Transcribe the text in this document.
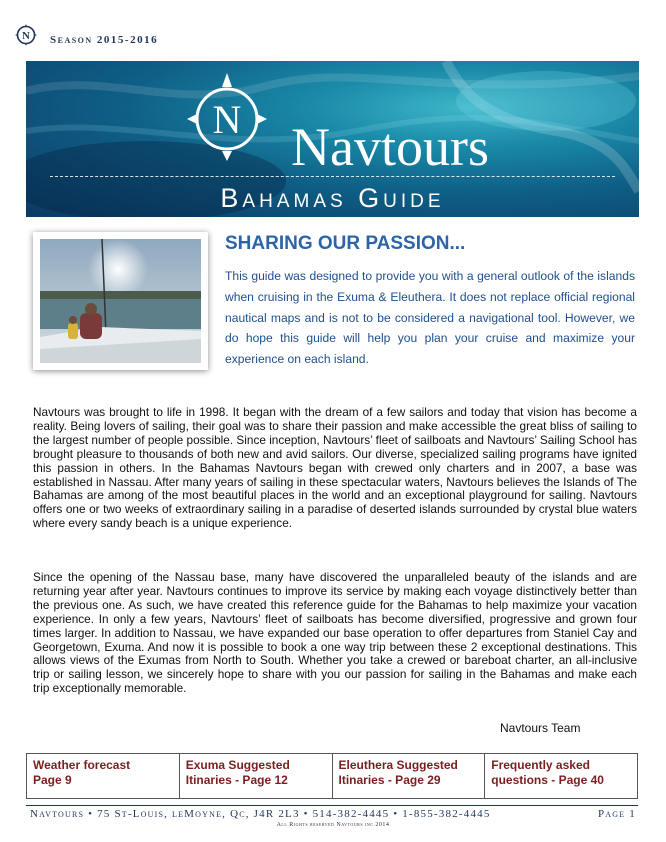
N Season 2015-2016
N Navtours
Bahamas Guide
SHARING OUR PASSION...

This guide was designed to provide you with a general outlook of the islands when cruising in the Exuma & Eleuthera. It does not replace official regional nautical maps and is not to be considered a navigational tool. However, we do hope this guide will help you plan your cruise and maximize your experience on each island.

Navtours was brought to life in 1998. It began with the dream of a few sailors and today that vision has become a reality. Being lovers of sailing, their goal was to share their passion and make accessible the great bliss of sailing to the largest number of people possible. Since inception, Navtours’ fleet of sailboats and Navtours’ Sailing School has brought pleasure to thousands of both new and avid sailors. Our diverse, specialized sailing programs have ignited this passion in others. In the Bahamas Navtours began with crewed only charters and in 2007, a base was established in Nassau. After many years of sailing in these spectacular waters, Navtours believes the Islands of The Bahamas are among of the most beautiful places in the world and an exceptional playground for sailing. Navtours offers one or two weeks of extraordinary sailing in a paradise of deserted islands surrounded by crystal blue waters where every sandy beach is a unique experience.

Since the opening of the Nassau base, many have discovered the unparalleled beauty of the islands and are returning year after year. Navtours continues to improve its service by making each voyage distinctively better than the previous one. As such, we have created this reference guide for the Bahamas to help maximize your vacation experience. In only a few years, Navtours’ fleet of sailboats has become diversified, progressive and grown four times larger. In addition to Nassau, we have expanded our base operation to offer departures from Staniel Cay and Georgetown, Exuma. And now it is possible to book a one way trip between these 2 exceptional destinations. This allows views of the Exumas from North to South. Whether you take a crewed or bareboat charter, an all-inclusive trip or sailing lesson, we sincerely hope to share with you our passion for sailing in the Bahamas and make each trip exceptionally memorable.

Navtours Team
Weather forecast
Page 9
Exuma Suggested
Itinaries - Page 12
Eleuthera Suggested
Itinaries - Page 29
Frequently asked
questions - Page 40
Navtours • 75 St-Louis, leMoyne, Qc, J4R 2L3 • 514-382-4445 • 1-855-382-4445	Page 1
All Rights reserved Navtours inc 2014
